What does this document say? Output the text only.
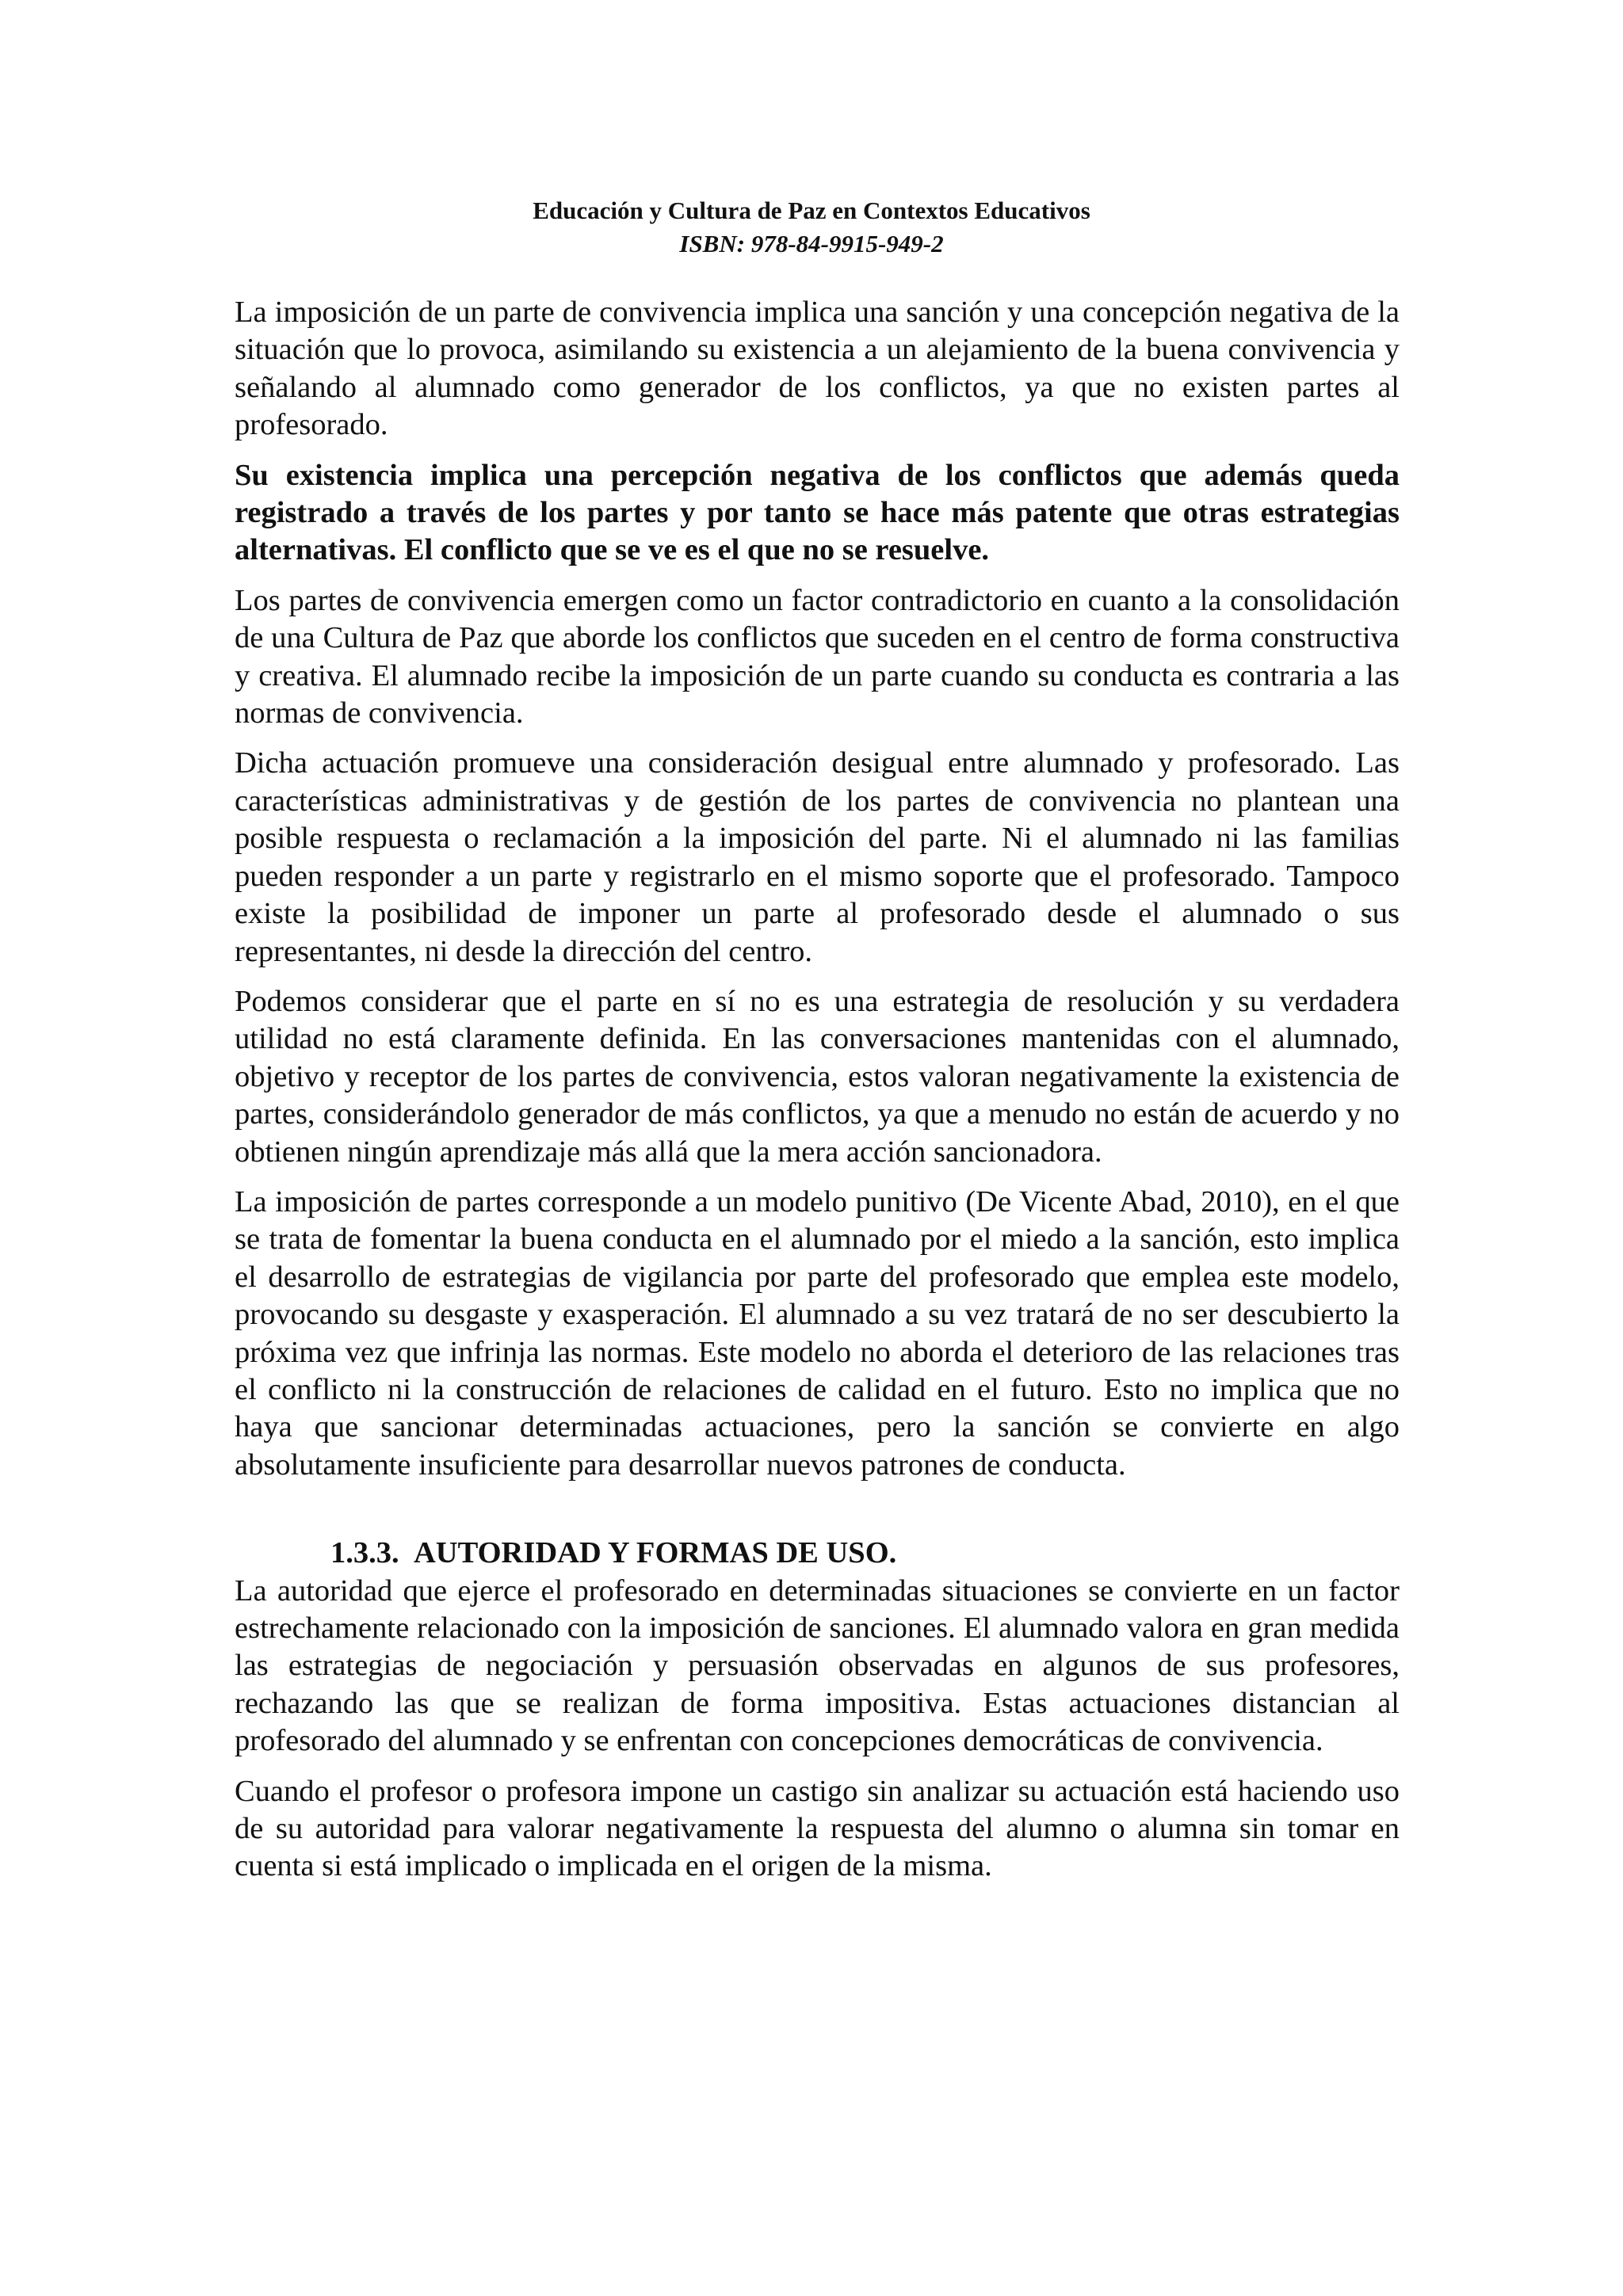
Educación y Cultura de Paz en Contextos Educativos
ISBN: 978-84-9915-949-2

La imposición de un parte de convivencia implica una sanción y una concepción negativa de la situación que lo provoca, asimilando su existencia a un alejamiento de la buena convivencia y señalando al alumnado como generador de los conflictos, ya que no existen partes al profesorado.

Su existencia implica una percepción negativa de los conflictos que además queda registrado a través de los partes y por tanto se hace más patente que otras estrategias alternativas. El conflicto que se ve es el que no se resuelve.

Los partes de convivencia emergen como un factor contradictorio en cuanto a la consolidación de una Cultura de Paz que aborde los conflictos que suceden en el centro de forma constructiva y creativa. El alumnado recibe la imposición de un parte cuando su conducta es contraria a las normas de convivencia.

Dicha actuación promueve una consideración desigual entre alumnado y profesorado. Las características administrativas y de gestión de los partes de convivencia no plantean una posible respuesta o reclamación a la imposición del parte. Ni el alumnado ni las familias pueden responder a un parte y registrarlo en el mismo soporte que el profesorado. Tampoco existe la posibilidad de imponer un parte al profesorado desde el alumnado o sus representantes, ni desde la dirección del centro.

Podemos considerar que el parte en sí no es una estrategia de resolución y su verdadera utilidad no está claramente definida. En las conversaciones mantenidas con el alumnado, objetivo y receptor de los partes de convivencia, estos valoran negativamente la existencia de partes, considerándolo generador de más conflictos, ya que a menudo no están de acuerdo y no obtienen ningún aprendizaje más allá que la mera acción sancionadora.

La imposición de partes corresponde a un modelo punitivo (De Vicente Abad, 2010), en el que se trata de fomentar la buena conducta en el alumnado por el miedo a la sanción, esto implica el desarrollo de estrategias de vigilancia por parte del profesorado que emplea este modelo, provocando su desgaste y exasperación. El alumnado a su vez tratará de no ser descubierto la próxima vez que infrinja las normas. Este modelo no aborda el deterioro de las relaciones tras el conflicto ni la construcción de relaciones de calidad en el futuro. Esto no implica que no haya que sancionar determinadas actuaciones, pero la sanción se convierte en algo absolutamente insuficiente para desarrollar nuevos patrones de conducta.

1.3.3. AUTORIDAD Y FORMAS DE USO.

La autoridad que ejerce el profesorado en determinadas situaciones se convierte en un factor estrechamente relacionado con la imposición de sanciones. El alumnado valora en gran medida las estrategias de negociación y persuasión observadas en algunos de sus profesores, rechazando las que se realizan de forma impositiva. Estas actuaciones distancian al profesorado del alumnado y se enfrentan con concepciones democráticas de convivencia.

Cuando el profesor o profesora impone un castigo sin analizar su actuación está haciendo uso de su autoridad para valorar negativamente la respuesta del alumno o alumna sin tomar en cuenta si está implicado o implicada en el origen de la misma.
